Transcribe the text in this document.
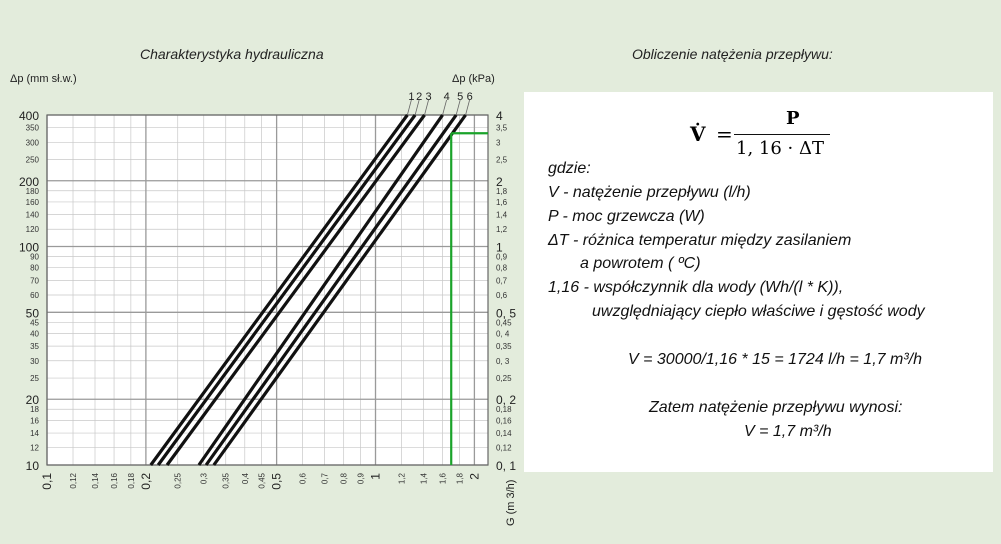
Charakterystyka hydrauliczna	Obliczenie natężenia przepływu:
10
20
50
100
200
400
12
14
16
18
25
30
35
40
45
60
70
80
90
120
140
160
180
250
300
350
0, 1
0, 2
0, 5
1
2
4
0,12
0,14
0,16
0,18
0,25
0, 3
0,35
0, 4
0,45
0,6
0,7
0,8
0,9
1,2
1,4
1,6
1,8
2,5
3
3,5
0,1	0,2	0,5	1	2
0,12 0,14 0,16 0,18	0,25 0,3 0,35 0,4 0,45	0,6 0,7 0,8 0,9	1,2 1,4 1,6 1,8
Δp (mm sł.w.)	Δp (kPa)
G (m 3/h)
1 2 3 4 5 6
V̇ =
P
1, 16 · ΔT
gdzie:
V - natężenie przepływu (l/h)
P - moc grzewcza (W)
ΔT - różnica temperatur między zasilaniem
a powrotem ( ºC)
1,16 - współczynnik dla wody (Wh/(l * K)),
uwzględniający ciepło właściwe i gęstość wody
V = 30000/1,16 * 15 = 1724 l/h = 1,7 m³/h
Zatem natężenie przepływu wynosi:
V = 1,7 m³/h
